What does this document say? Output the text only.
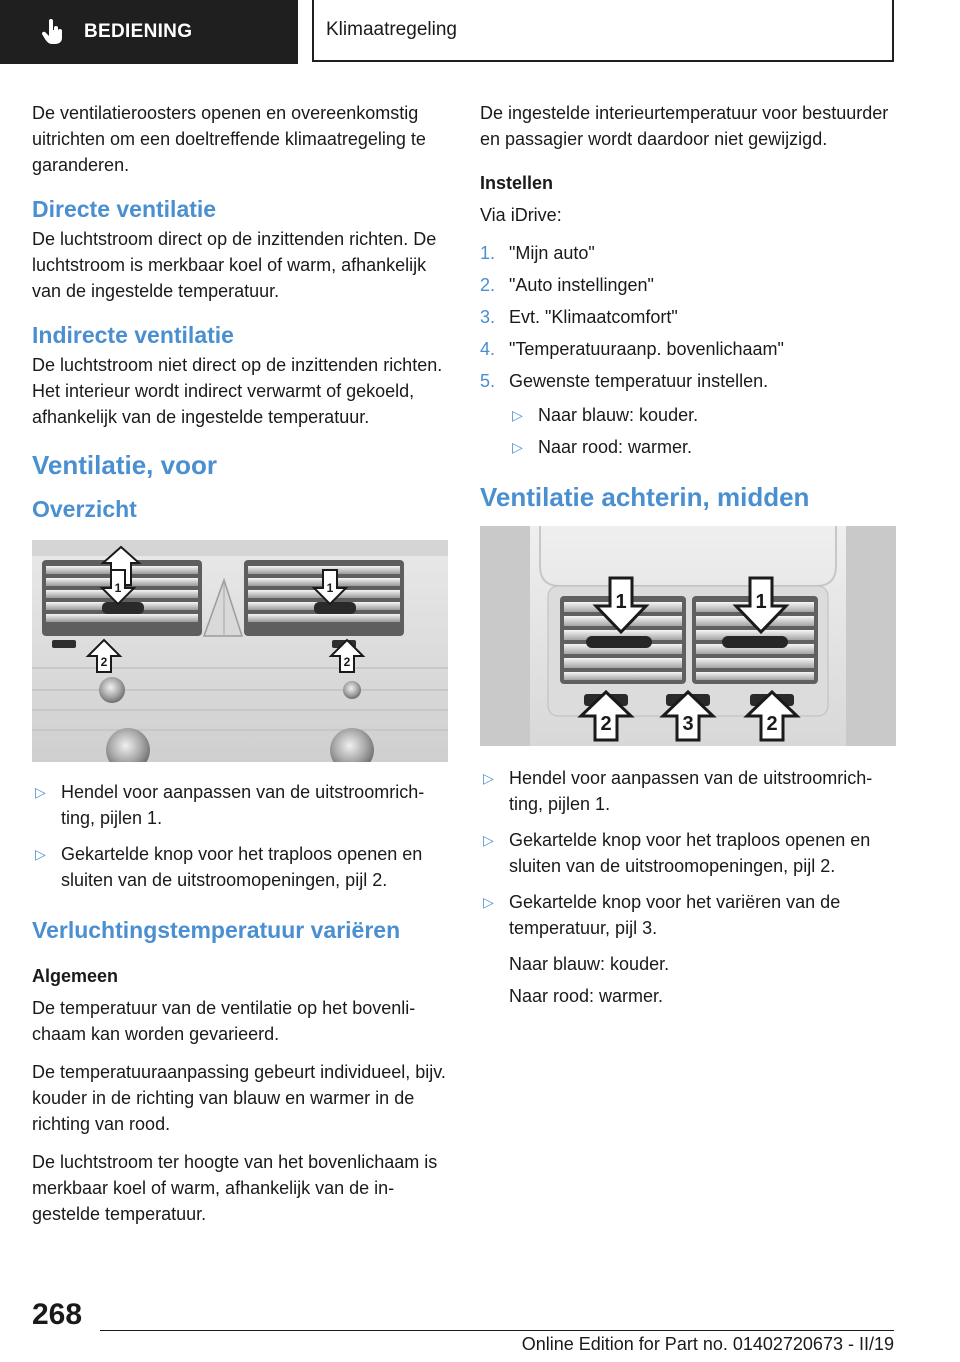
BEDIENING	Klimaatregeling

De ventilatieroosters openen en overeenkomstig uitrichten om een doeltreffende klimaatregeling te garanderen.

Directe ventilatie

De luchtstroom direct op de inzittenden richten. De luchtstroom is merkbaar koel of warm, afhankelijk van de ingestelde temperatuur.

Indirecte ventilatie

De luchtstroom niet direct op de inzittenden richten. Het interieur wordt indirect verwarmt of gekoeld, afhankelijk van de ingestelde temperatuur.

Ventilatie, voor
Overzicht
1	1
2	2
▷ Hendel voor aanpassen van de uitstroomrichting, pijlen 1.
▷ Gekartelde knop voor het traploos openen en sluiten van de uitstroomopeningen, pijl 2.
Verluchtingstemperatuur variëren
Algemeen

De temperatuur van de ventilatie op het bovenlichaam kan worden gevarieerd.

De temperatuuraanpassing gebeurt individueel, bijv. kouder in de richting van blauw en warmer in de richting van rood.

De luchtstroom ter hoogte van het bovenlichaam is merkbaar koel of warm, afhankelijk van de ingestelde temperatuur.

De ingestelde interieurtemperatuur voor bestuurder en passagier wordt daardoor niet gewijzigd.

Instellen

Via iDrive:

1. "Mijn auto"
2. "Auto instellingen"
3. Evt. "Klimaatcomfort"
4. "Temperatuuraanp. bovenlichaam"
5. Gewenste temperatuur instellen.
▷ Naar blauw: kouder.
▷ Naar rood: warmer.
Ventilatie achterin, midden
1	1
2	3	2
▷ Hendel voor aanpassen van de uitstroomrichting, pijlen 1.
▷ Gekartelde knop voor het traploos openen en sluiten van de uitstroomopeningen, pijl 2.
▷ Gekartelde knop voor het variëren van de temperatuur, pijl 3.

Naar blauw: kouder.

Naar rood: warmer.

268
Online Edition for Part no. 01402720673 - II/19
